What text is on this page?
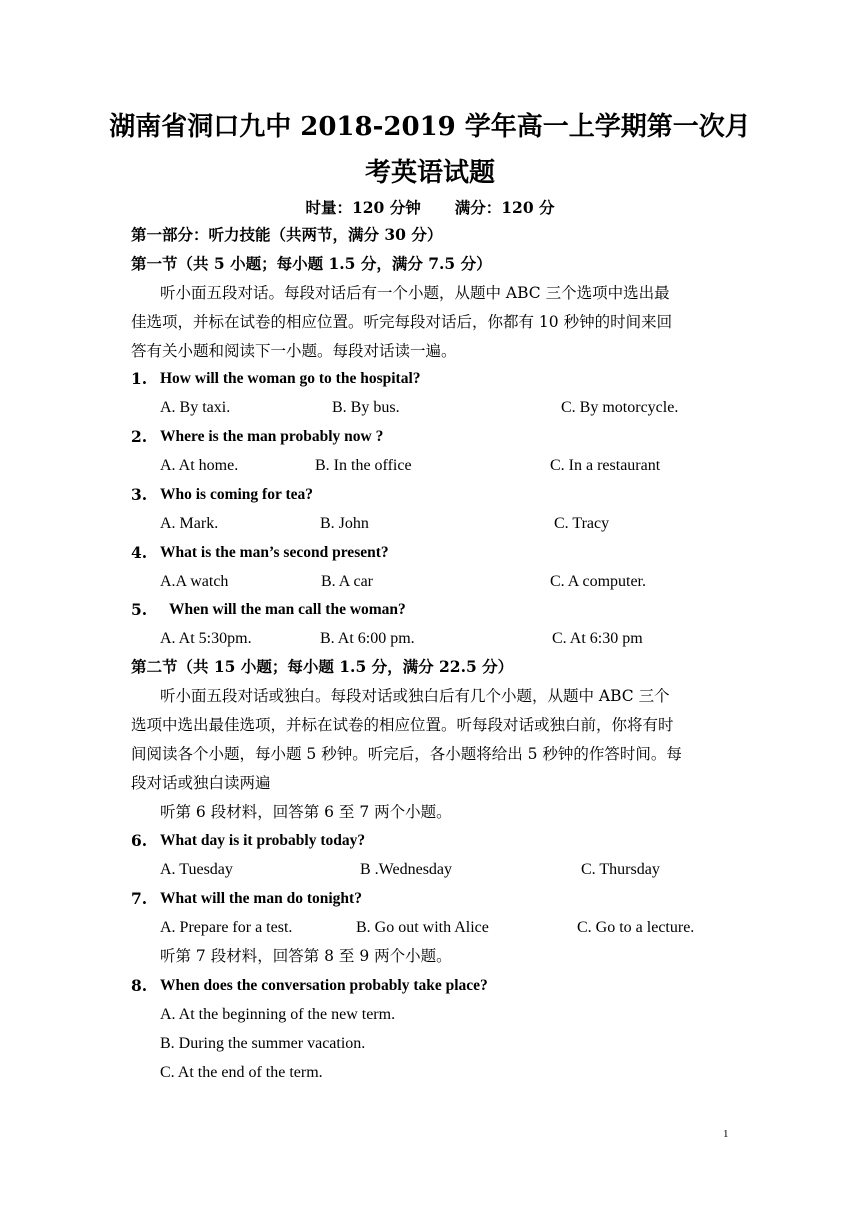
湖南省洞口九中 2018-2019 学年高一上学期第一次月
考英语试题
时量：120 分钟 满分：120 分
第一部分：听力技能（共两节，满分 30 分）
第一节（共 5 小题；每小题 1.5 分，满分 7.5 分）
听小面五段对话。每段对话后有一个小题，从题中 ABC 三个选项中选出最
佳选项，并标在试卷的相应位置。听完每段对话后，你都有 10 秒钟的时间来回
答有关小题和阅读下一小题。每段对话读一遍。
1. How will the woman go to the hospital?
A. By taxi.	B. By bus.	C. By motorcycle.
2. Where is the man probably now ?
A. At home.	B. In the office	C. In a restaurant
3. Who is coming for tea?
A. Mark.	B. John	C. Tracy
4. What is the man’s second present?
A.A watch	B. A car	C. A computer.
5. When will the man call the woman?
A. At 5:30pm.	B. At 6:00 pm.	C. At 6:30 pm
第二节（共 15 小题；每小题 1.5 分，满分 22.5 分）
听小面五段对话或独白。每段对话或独白后有几个小题，从题中 ABC 三个
选项中选出最佳选项，并标在试卷的相应位置。听每段对话或独白前，你将有时
间阅读各个小题，每小题 5 秒钟。听完后，各小题将给出 5 秒钟的作答时间。每
段对话或独白读两遍
听第 6 段材料，回答第 6 至 7 两个小题。
6. What day is it probably today?
A. Tuesday	B .Wednesday	C. Thursday
7. What will the man do tonight?
A. Prepare for a test.	B. Go out with Alice	C. Go to a lecture.
听第 7 段材料，回答第 8 至 9 两个小题。
8. When does the conversation probably take place?
A. At the beginning of the new term.
B. During the summer vacation.
C. At the end of the term.
1
